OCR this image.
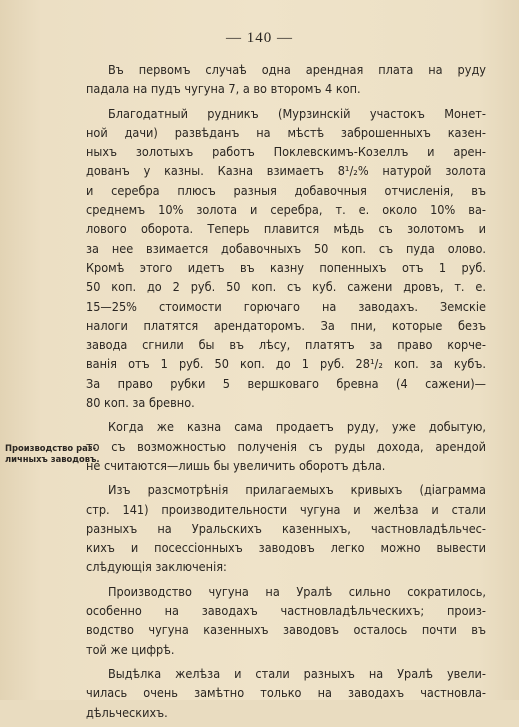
— 140 —
Производство раз-
личныхъ заводовъ.

Въ первомъ случаѣ одна арендная плата на руду
падала на пудъ чугуна 7, а во второмъ 4 коп.

Благодатный рудникъ (Мурзинскій участокъ Монет-
ной дачи) развѣданъ на мѣстѣ заброшенныхъ казен-
ныхъ золотыхъ работъ Поклевскимъ-Козеллъ и арен-
дованъ у казны. Казна взимаетъ 8¹/₂% натурой золота
и серебра плюсъ разныя добавочныя отчисленія, въ
среднемъ 10% золота и серебра, т. е. около 10% ва-
лового оборота. Теперь плавится мѣдь съ золотомъ и
за нее взимается добавочныхъ 50 коп. съ пуда олово.
Кромѣ этого идетъ въ казну попенныхъ отъ 1 руб.
50 коп. до 2 руб. 50 коп. съ куб. сажени дровъ, т. е.
15—25% стоимости горючаго на заводахъ. Земскіе
налоги платятся арендаторомъ. За пни, которые безъ
завода сгнили бы въ лѣсу, платятъ за право корче-
ванія отъ 1 руб. 50 коп. до 1 руб. 28¹/₂ коп. за кубъ.
За право рубки 5 вершковаго бревна (4 сажени)—
80 коп. за бревно.

Когда же казна сама продаетъ руду, уже добытую,
то съ возможностью полученія съ руды дохода, арендой
не считаются—лишь бы увеличить оборотъ дѣла.

Изъ разсмотрѣнія прилагаемыхъ кривыхъ (діаграмма
стр. 141) производительности чугуна и желѣза и стали
разныхъ на Уральскихъ казенныхъ, частновладѣльчес-
кихъ и посессіонныхъ заводовъ легко можно вывести
слѣдующія заключенія:

Производство чугуна на Уралѣ сильно сократилось,
особенно на заводахъ частновладѣльческихъ; произ-
водство чугуна казенныхъ заводовъ осталось почти въ
той же цифрѣ.

Выдѣлка желѣза и стали разныхъ на Уралѣ увели-
чилась очень замѣтно только на заводахъ частновла-
дѣльческихъ.
